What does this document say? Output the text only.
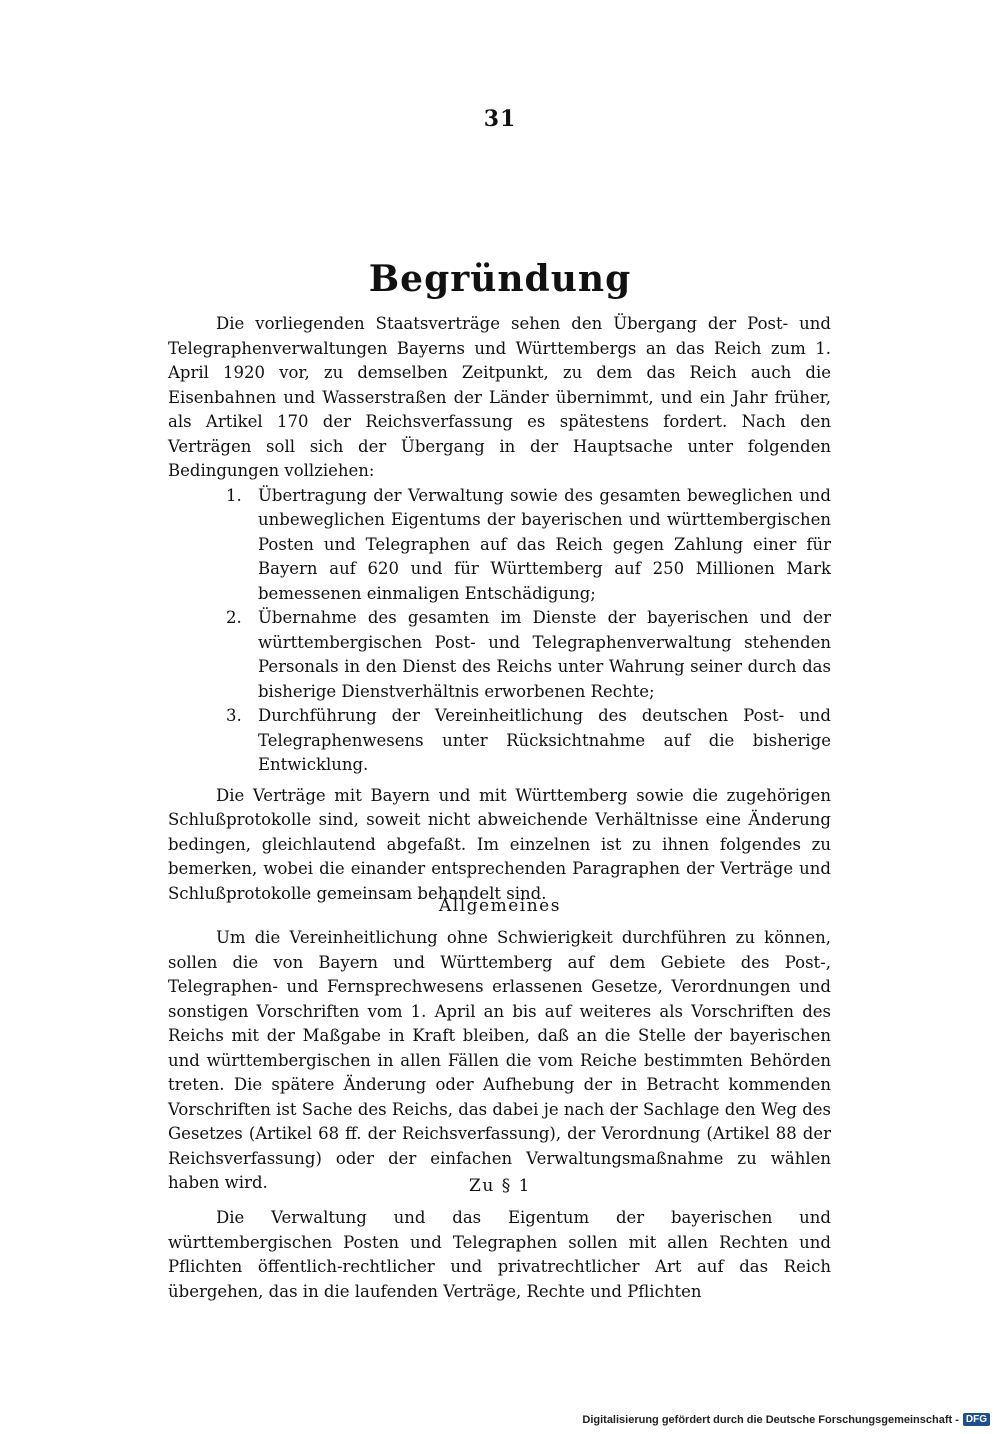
31
Begründung

Die vorliegenden Staatsverträge sehen den Übergang der Post- und Telegraphenverwaltungen Bayerns und Württembergs an das Reich zum 1. April 1920 vor, zu demselben Zeitpunkt, zu dem das Reich auch die Eisenbahnen und Wasserstraßen der Länder übernimmt, und ein Jahr früher, als Artikel 170 der Reichsverfassung es spätestens fordert. Nach den Verträgen soll sich der Übergang in der Hauptsache unter folgenden Bedingungen vollziehen:

1. Übertragung der Verwaltung sowie des gesamten beweglichen und unbeweglichen Eigentums der bayerischen und württembergischen Posten und Telegraphen auf das Reich gegen Zahlung einer für Bayern auf 620 und für Württemberg auf 250 Millionen Mark bemessenen einmaligen Entschädigung;
2. Übernahme des gesamten im Dienste der bayerischen und der württembergischen Post- und Telegraphenverwaltung stehenden Personals in den Dienst des Reichs unter Wahrung seiner durch das bisherige Dienstverhältnis erworbenen Rechte;
3. Durchführung der Vereinheitlichung des deutschen Post- und Telegraphenwesens unter Rücksichtnahme auf die bisherige Entwicklung.

Die Verträge mit Bayern und mit Württemberg sowie die zugehörigen Schlußprotokolle sind, soweit nicht abweichende Verhältnisse eine Änderung bedingen, gleichlautend abgefaßt. Im einzelnen ist zu ihnen folgendes zu bemerken, wobei die einander entsprechenden Paragraphen der Verträge und Schlußprotokolle gemeinsam behandelt sind.

Allgemeines

Um die Vereinheitlichung ohne Schwierigkeit durchführen zu können, sollen die von Bayern und Württemberg auf dem Gebiete des Post-, Telegraphen- und Fernsprechwesens erlassenen Gesetze, Verordnungen und sonstigen Vorschriften vom 1. April an bis auf weiteres als Vorschriften des Reichs mit der Maßgabe in Kraft bleiben, daß an die Stelle der bayerischen und württembergischen in allen Fällen die vom Reiche bestimmten Behörden treten. Die spätere Änderung oder Aufhebung der in Betracht kommenden Vorschriften ist Sache des Reichs, das dabei je nach der Sachlage den Weg des Gesetzes (Artikel 68 ff. der Reichsverfassung), der Verordnung (Artikel 88 der Reichsverfassung) oder der einfachen Verwaltungsmaßnahme zu wählen haben wird.	Zu § 1

Die Verwaltung und das Eigentum der bayerischen und württembergischen Posten und Telegraphen sollen mit allen Rechten und Pflichten öffentlich-rechtlicher und privatrechtlicher Art auf das Reich übergehen, das in die laufenden Verträge, Rechte und Pflichten

Digitalisierung gefördert durch die Deutsche Forschungsgemeinschaft - DFG
